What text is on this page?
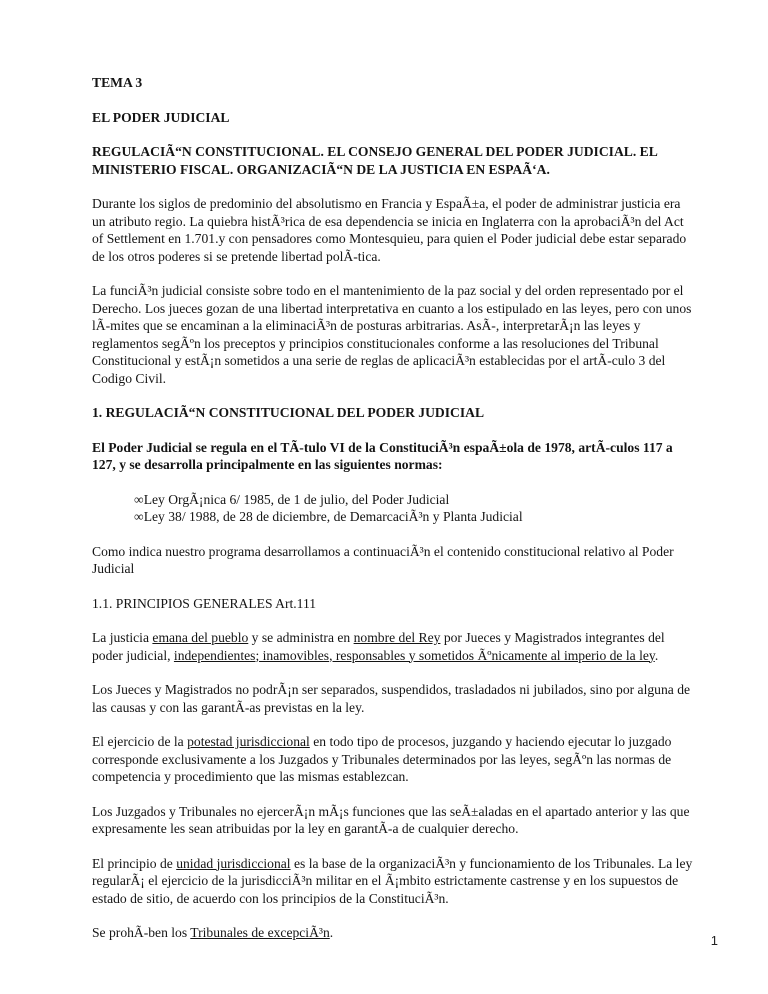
TEMA 3
EL PODER JUDICIAL
REGULACIÃ“N CONSTITUCIONAL. EL CONSEJO GENERAL DEL PODER JUDICIAL. EL MINISTERIO FISCAL. ORGANIZACIÃ“N DE LA JUSTICIA EN ESPAÃ‘A.
Durante los siglos de predominio del absolutismo en Francia y EspaÃ±a, el poder de administrar justicia era un atributo regio. La quiebra histÃ³rica de esa dependencia se inicia en Inglaterra con la aprobaciÃ³n del Act of Settlement en 1.701.y con pensadores como Montesquieu, para quien el Poder judicial debe estar separado de los otros poderes si se pretende libertad polÃ-tica.
La funciÃ³n judicial consiste sobre todo en el mantenimiento de la paz social y del orden representado por el Derecho. Los jueces gozan de una libertad interpretativa en cuanto a los estipulado en las leyes, pero con unos lÃ-mites que se encaminan a la eliminaciÃ³n de posturas arbitrarias. AsÃ-, interpretarÃ¡n las leyes y reglamentos segÃºn los preceptos y principios constitucionales conforme a las resoluciones del Tribunal Constitucional y estÃ¡n sometidos a una serie de reglas de aplicaciÃ³n establecidas por el artÃ-culo 3 del Codigo Civil.
1. REGULACIÃ“N CONSTITUCIONAL DEL PODER JUDICIAL
El Poder Judicial se regula en el TÃ-tulo VI de la ConstituciÃ³n espaÃ±ola de 1978, artÃ-culos 117 a 127, y se desarrolla principalmente en las siguientes normas:
∞Ley OrgÃ¡nica 6/ 1985, de 1 de julio, del Poder Judicial
∞Ley 38/ 1988, de 28 de diciembre, de DemarcaciÃ³n y Planta Judicial
Como indica nuestro programa desarrollamos a continuaciÃ³n el contenido constitucional relativo al Poder Judicial
1.1. PRINCIPIOS GENERALES Art.111
La justicia emana del pueblo y se administra en nombre del Rey por Jueces y Magistrados integrantes del poder judicial, independientes; inamovibles, responsables y sometidos Ãºnicamente al imperio de la ley.
Los Jueces y Magistrados no podrÃ¡n ser separados, suspendidos, trasladados ni jubilados, sino por alguna de las causas y con las garantÃ-as previstas en la ley.
El ejercicio de la potestad jurisdiccional en todo tipo de procesos, juzgando y haciendo ejecutar lo juzgado corresponde exclusivamente a los Juzgados y Tribunales determinados por las leyes, segÃºn las normas de competencia y procedimiento que las mismas establezcan.
Los Juzgados y Tribunales no ejercerÃ¡n mÃ¡s funciones que las seÃ±aladas en el apartado anterior y las que expresamente les sean atribuidas por la ley en garantÃ-a de cualquier derecho.
El principio de unidad jurisdiccional es la base de la organizaciÃ³n y funcionamiento de los Tribunales. La ley regularÃ¡ el ejercicio de la jurisdicciÃ³n militar en el Ã¡mbito estrictamente castrense y en los supuestos de estado de sitio, de acuerdo con los principios de la ConstituciÃ³n.
Se prohÃ-ben los Tribunales de excepciÃ³n.
1
